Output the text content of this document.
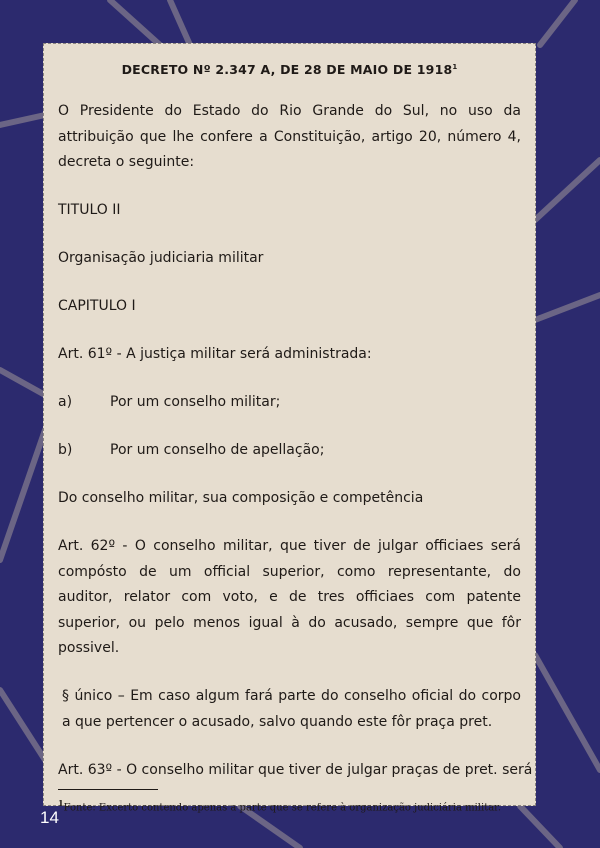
DECRETO Nº 2.347 A, DE 28 DE MAIO DE 1918$^1$

O Presidente do Estado do Rio Grande do Sul, no uso da attribuição que lhe confere a Constituição, artigo 20, número 4, decreta o seguinte:

TITULO II

Organisação judiciaria militar

CAPITULO I

Art. 61º - A justiça militar será administrada:

a)	Por um conselho militar;
b)	Por um conselho de apellação;

Do conselho militar, sua composição e competência

Art. 62º - O conselho militar, que tiver de julgar officiaes será compósto de um official superior, como representante, do auditor, relator com voto, e de tres officiaes com patente superior, ou pelo menos igual à do acusado, sempre que fôr possivel.

§ único – Em caso algum fará parte do conselho oficial do corpo a que pertencer o acusado, salvo quando este fôr praça pret.

Art. 63º - O conselho militar que tiver de julgar praças de pret. será

$^1$Fonte: Excerto contendo apenas a parte que se refere à organização judiciária militar.

14
